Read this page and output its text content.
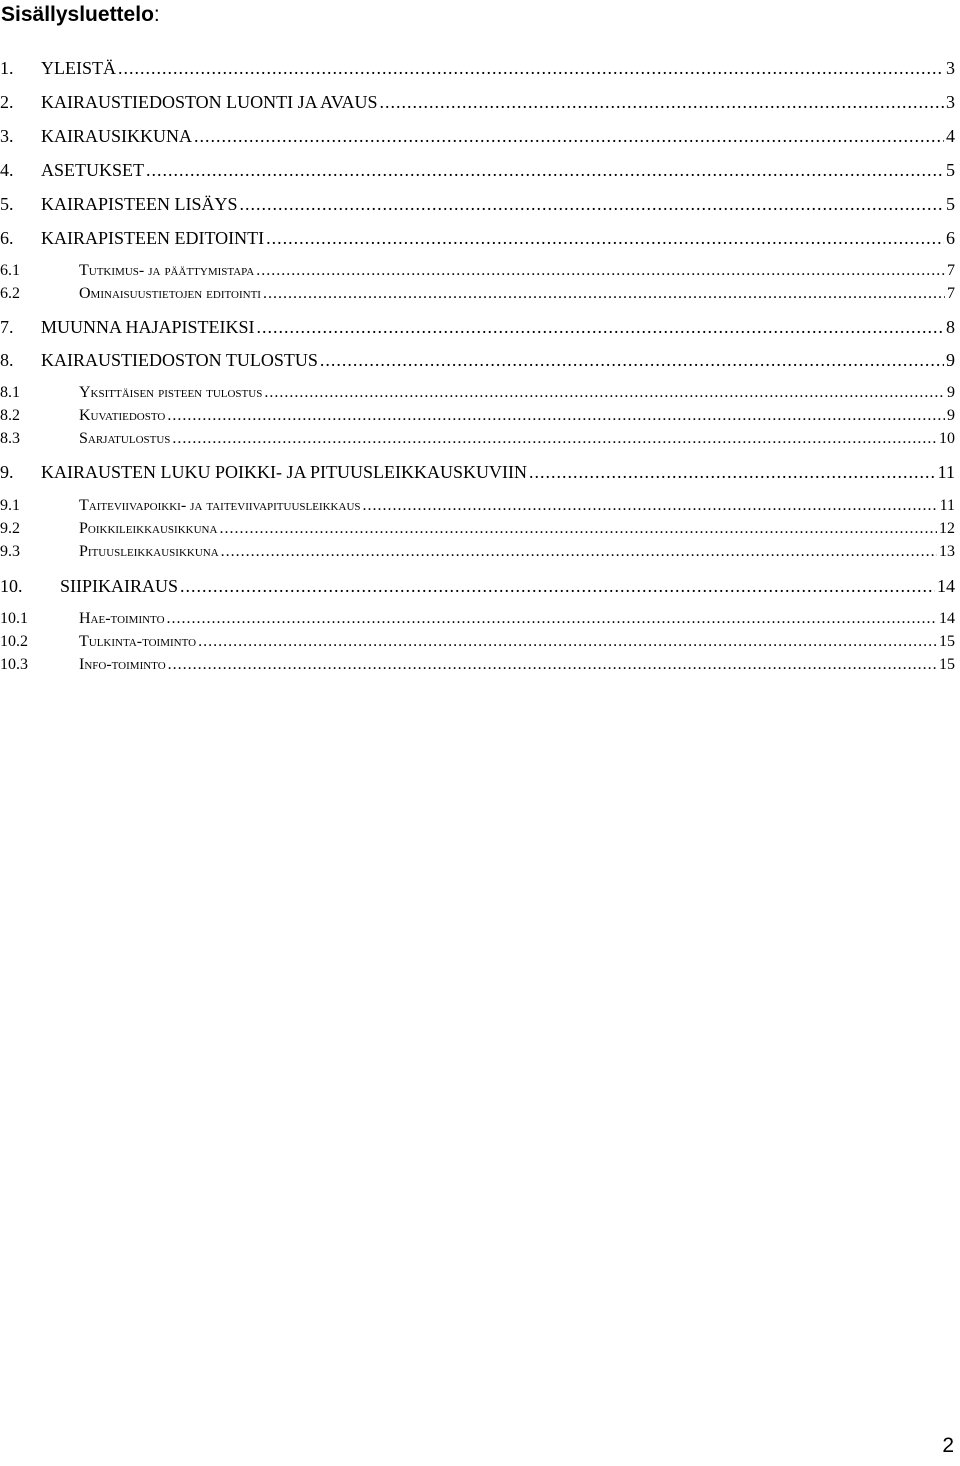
Sisällysluettelo:
1.	YLEISTÄ .....	3
2.	KAIRAUSTIEDOSTON LUONTI JA AVAUS .....	3
3.	KAIRAUSIKKUNA .....	4
4.	ASETUKSET .....	5
5.	KAIRAPISTEEN LISÄYS .....	5
6.	KAIRAPISTEEN EDITOINTI .....	6
6.1	Tutkimus- ja päättymistapa .....	7
6.2	Ominaisuustietojen editointi .....	7
7.	MUUNNA HAJAPISTEIKSI .....	8
8.	KAIRAUSTIEDOSTON TULOSTUS .....	9
8.1	Yksittäisen pisteen tulostus .....	9
8.2	Kuvatiedosto .....	9
8.3	Sarjatulostus .....	10
9.	KAIRAUSTEN LUKU POIKKI- JA PITUUSLEIKKAUSKUVIIN .....	11
9.1	Taiteviivapoikki- ja taiteviivapituusleikkaus .....	11
9.2	Poikkileikkausikkuna .....	12
9.3	Pituusleikkausikkuna .....	13
10.	SIIPIKAIRAUS .....	14
10.1	Hae-toiminto .....	14
10.2	Tulkinta-toiminto .....	15
10.3	Info-toiminto .....	15
2
